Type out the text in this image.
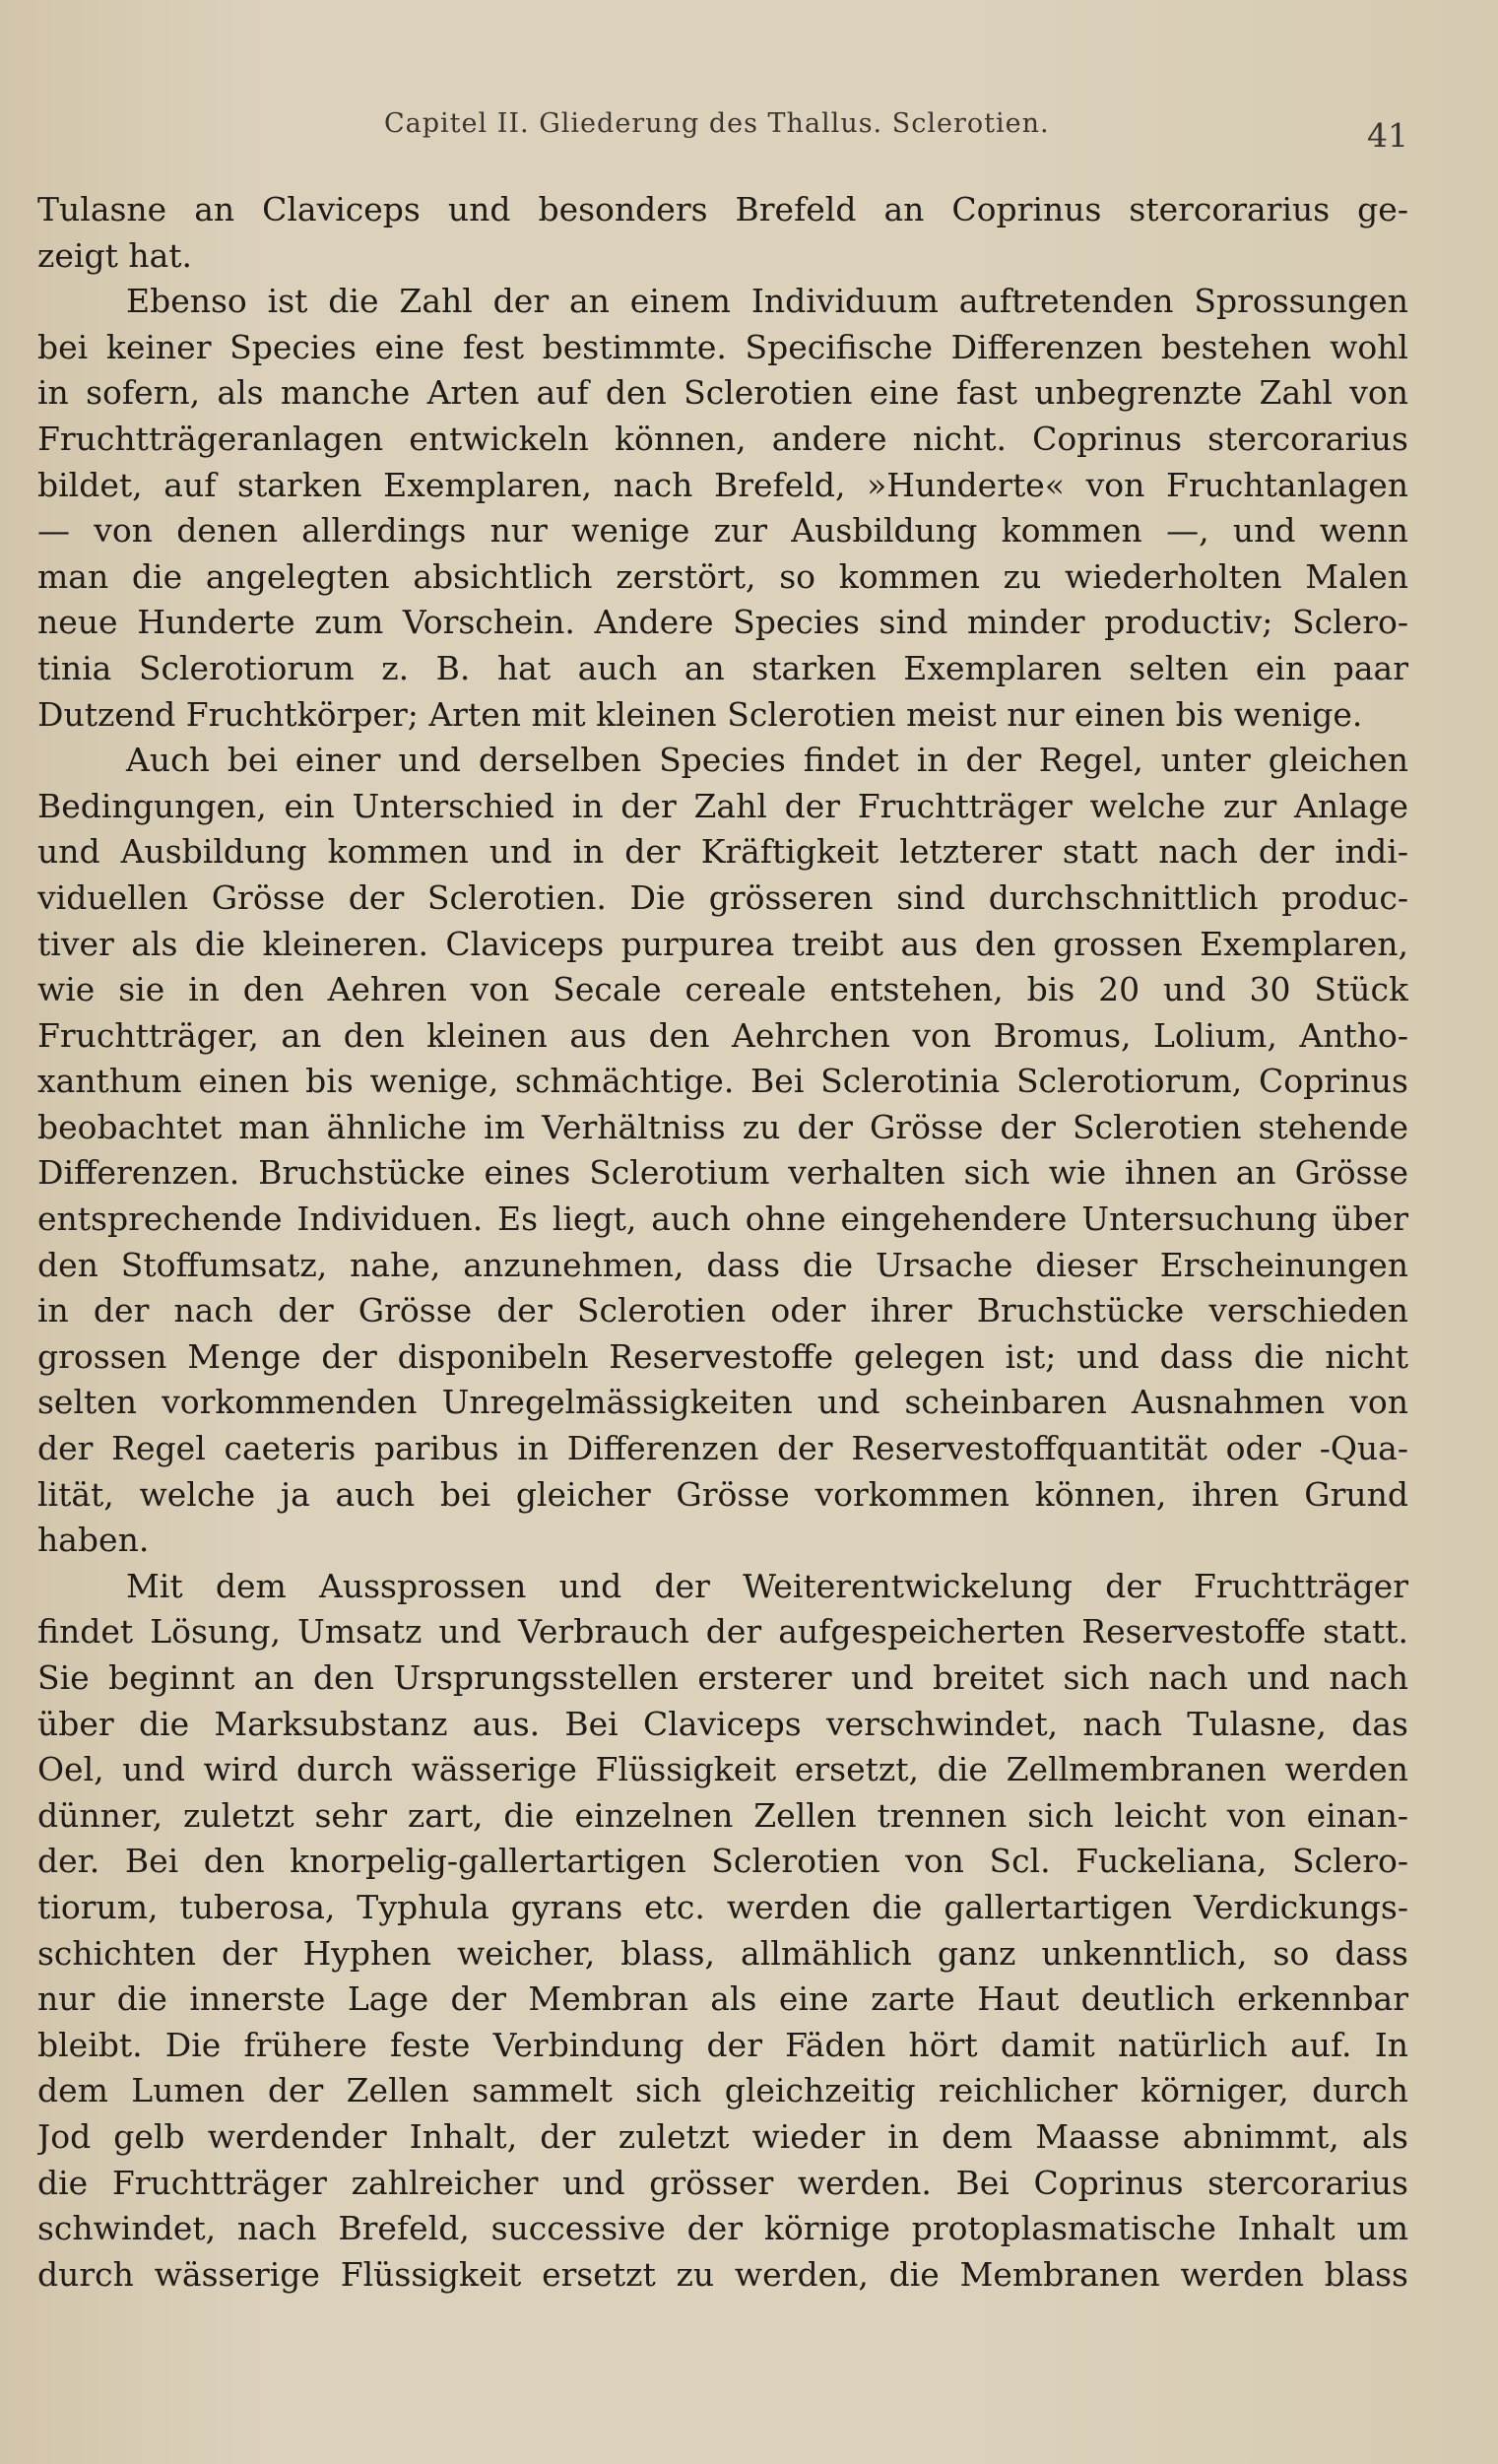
Capitel II. Gliederung des Thallus. Sclerotien.	41
Tulasne an Claviceps und besonders Brefeld an Coprinus stercorarius ge-
zeigt hat.
Ebenso ist die Zahl der an einem Individuum auftretenden Sprossungen
bei keiner Species eine fest bestimmte. Specifische Differenzen bestehen wohl
in sofern, als manche Arten auf den Sclerotien eine fast unbegrenzte Zahl von
Fruchtträgeranlagen entwickeln können, andere nicht. Coprinus stercorarius
bildet, auf starken Exemplaren, nach Brefeld, »Hunderte« von Fruchtanlagen
— von denen allerdings nur wenige zur Ausbildung kommen —, und wenn
man die angelegten absichtlich zerstört, so kommen zu wiederholten Malen
neue Hunderte zum Vorschein. Andere Species sind minder productiv; Sclero-
tinia Sclerotiorum z. B. hat auch an starken Exemplaren selten ein paar
Dutzend Fruchtkörper; Arten mit kleinen Sclerotien meist nur einen bis wenige.
Auch bei einer und derselben Species findet in der Regel, unter gleichen
Bedingungen, ein Unterschied in der Zahl der Fruchtträger welche zur Anlage
und Ausbildung kommen und in der Kräftigkeit letzterer statt nach der indi-
viduellen Grösse der Sclerotien. Die grösseren sind durchschnittlich produc-
tiver als die kleineren. Claviceps purpurea treibt aus den grossen Exemplaren,
wie sie in den Aehren von Secale cereale entstehen, bis 20 und 30 Stück
Fruchtträger, an den kleinen aus den Aehrchen von Bromus, Lolium, Antho-
xanthum einen bis wenige, schmächtige. Bei Sclerotinia Sclerotiorum, Coprinus
beobachtet man ähnliche im Verhältniss zu der Grösse der Sclerotien stehende
Differenzen. Bruchstücke eines Sclerotium verhalten sich wie ihnen an Grösse
entsprechende Individuen. Es liegt, auch ohne eingehendere Untersuchung über
den Stoffumsatz, nahe, anzunehmen, dass die Ursache dieser Erscheinungen
in der nach der Grösse der Sclerotien oder ihrer Bruchstücke verschieden
grossen Menge der disponibeln Reservestoffe gelegen ist; und dass die nicht
selten vorkommenden Unregelmässigkeiten und scheinbaren Ausnahmen von
der Regel caeteris paribus in Differenzen der Reservestoffquantität oder -Qua-
lität, welche ja auch bei gleicher Grösse vorkommen können, ihren Grund
haben.
Mit dem Aussprossen und der Weiterentwickelung der Fruchtträger
findet Lösung, Umsatz und Verbrauch der aufgespeicherten Reservestoffe statt.
Sie beginnt an den Ursprungsstellen ersterer und breitet sich nach und nach
über die Marksubstanz aus. Bei Claviceps verschwindet, nach Tulasne, das
Oel, und wird durch wässerige Flüssigkeit ersetzt, die Zellmembranen werden
dünner, zuletzt sehr zart, die einzelnen Zellen trennen sich leicht von einan-
der. Bei den knorpelig-gallertartigen Sclerotien von Scl. Fuckeliana, Sclero-
tiorum, tuberosa, Typhula gyrans etc. werden die gallertartigen Verdickungs-
schichten der Hyphen weicher, blass, allmählich ganz unkenntlich, so dass
nur die innerste Lage der Membran als eine zarte Haut deutlich erkennbar
bleibt. Die frühere feste Verbindung der Fäden hört damit natürlich auf. In
dem Lumen der Zellen sammelt sich gleichzeitig reichlicher körniger, durch
Jod gelb werdender Inhalt, der zuletzt wieder in dem Maasse abnimmt, als
die Fruchtträger zahlreicher und grösser werden. Bei Coprinus stercorarius
schwindet, nach Brefeld, successive der körnige protoplasmatische Inhalt um
durch wässerige Flüssigkeit ersetzt zu werden, die Membranen werden blass
